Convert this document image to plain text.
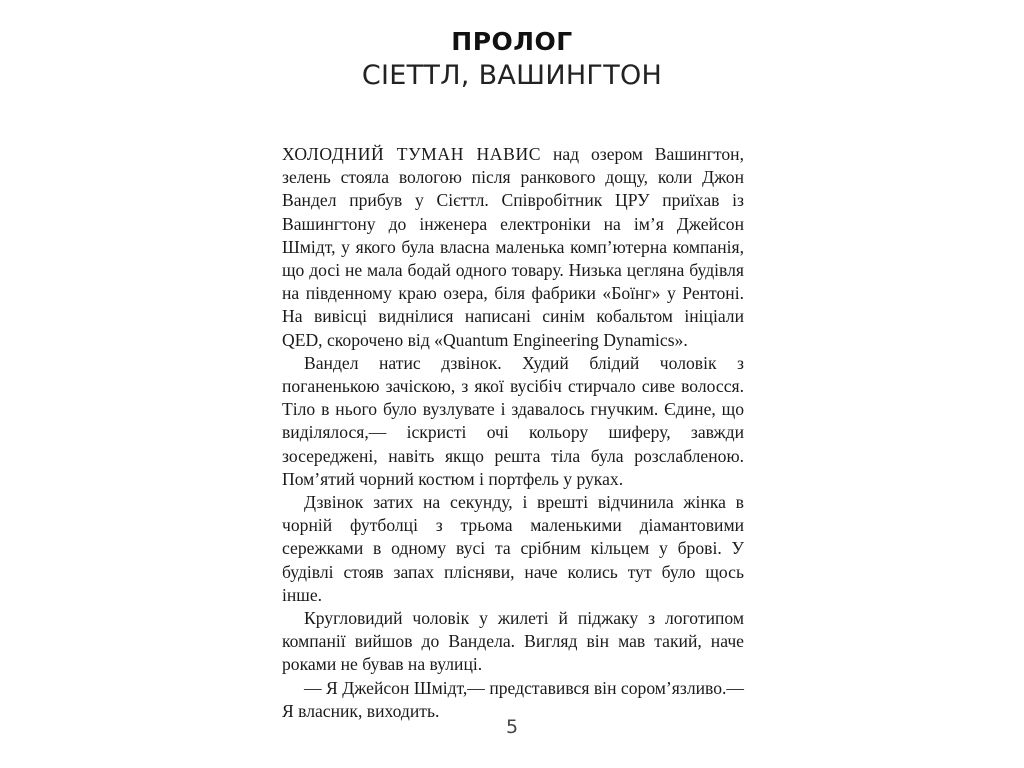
ПРОЛОГ
СІЕТТЛ, ВАШИНГТОН

ХОЛОДНИЙ ТУМАН НАВИС над озером Вашингтон, зелень стояла вологою після ранкового дощу, коли Джон Вандел прибув у Сієттл. Співробітник ЦРУ приїхав із Вашингтону до інженера електроніки на ім’я Джейсон Шмідт, у якого була власна маленька комп’ютерна компанія, що досі не мала бодай одного товару. Низька цегляна будівля на південному краю озера, біля фабрики «Боїнг» у Рентоні. На вивісці виднілися написані синім кобальтом ініціали QED, скорочено від «Quantum Engineering Dynamics».

Вандел натис дзвінок. Худий блідий чоловік з поганенькою зачіскою, з якої вусібіч стирчало сиве волосся. Тіло в нього було вузлувате і здавалось гнучким. Єдине, що виділялося,— іскристі очі кольору шиферу, завжди зосереджені, навіть якщо решта тіла була розслабленою. Пом’ятий чорний костюм і портфель у руках.

Дзвінок затих на секунду, і врешті відчинила жінка в чорній футболці з трьома маленькими діамантовими сережками в одному вусі та срібним кільцем у брові. У будівлі стояв запах плісняви, наче колись тут було щось інше.

Кругловидий чоловік у жилеті й піджаку з логотипом компанії вийшов до Вандела. Вигляд він мав такий, наче роками не бував на вулиці.

— Я Джейсон Шмідт,— представився він сором’язливо.— Я власник, виходить.

5
